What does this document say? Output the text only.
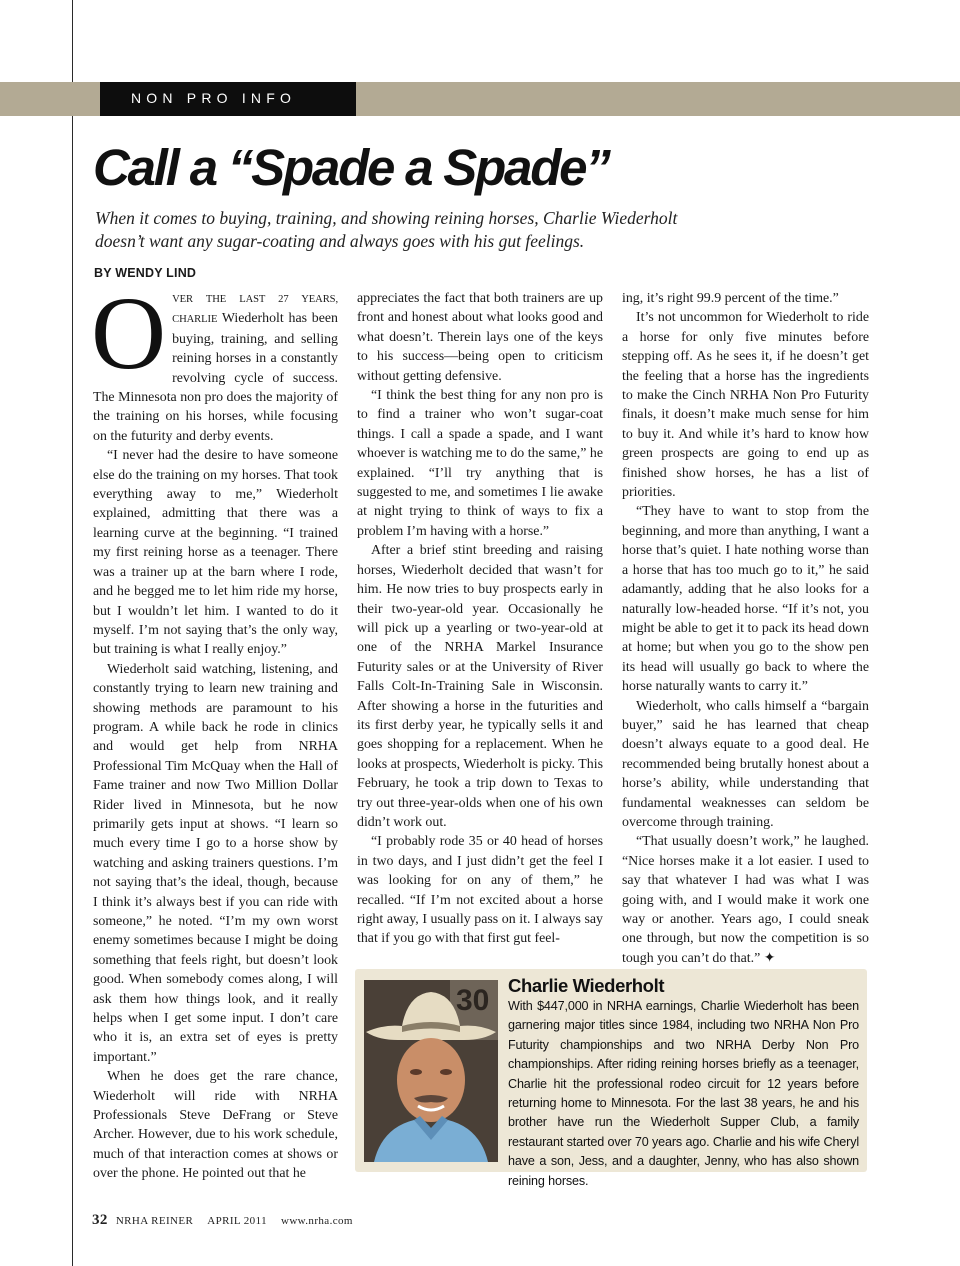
NON PRO INFO
Call a “Spade a Spade”

When it comes to buying, training, and showing reining horses, Charlie Wiederholt doesn’t want any sugar-coating and always goes with his gut feelings.

BY WENDY LIND

OVER THE LAST 27 YEARS, CHARLIE Wiederholt has been buying, training, and selling reining horses in a constantly revolving cycle of success. The Minnesota non pro does the majority of the training on his horses, while focusing on the futurity and derby events.

“I never had the desire to have someone else do the training on my horses. That took everything away to me,” Wiederholt explained, admitting that there was a learning curve at the beginning. “I trained my first reining horse as a teenager. There was a trainer up at the barn where I rode, and he begged me to let him ride my horse, but I wouldn’t let him. I wanted to do it myself. I’m not saying that’s the only way, but training is what I really enjoy.”

Wiederholt said watching, listening, and constantly trying to learn new training and showing methods are paramount to his program. A while back he rode in clinics and would get help from NRHA Professional Tim McQuay when the Hall of Fame trainer and now Two Million Dollar Rider lived in Minnesota, but he now primarily gets input at shows. “I learn so much every time I go to a horse show by watching and asking trainers questions. I’m not saying that’s the ideal, though, because I think it’s always best if you can ride with someone,” he noted. “I’m my own worst enemy sometimes because I might be doing something that feels right, but doesn’t look good. When somebody comes along, I will ask them how things look, and it really helps when I get some input. I don’t care who it is, an extra set of eyes is pretty important.”

When he does get the rare chance, Wiederholt will ride with NRHA Professionals Steve DeFrang or Steve Archer. However, due to his work schedule, much of that interaction comes at shows or over the phone. He pointed out that he

appreciates the fact that both trainers are up front and honest about what looks good and what doesn’t. Therein lays one of the keys to his success—being open to criticism without getting defensive.

“I think the best thing for any non pro is to find a trainer who won’t sugar-coat things. I call a spade a spade, and I want whoever is watching me to do the same,” he explained. “I’ll try anything that is suggested to me, and sometimes I lie awake at night trying to think of ways to fix a problem I’m having with a horse.”

After a brief stint breeding and raising horses, Wiederholt decided that wasn’t for him. He now tries to buy prospects early in their two-year-old year. Occasionally he will pick up a yearling or two-year-old at one of the NRHA Markel Insurance Futurity sales or at the University of River Falls Colt-In-Training Sale in Wisconsin. After showing a horse in the futurities and its first derby year, he typically sells it and goes shopping for a replacement. When he looks at prospects, Wiederholt is picky. This February, he took a trip down to Texas to try out three-year-olds when one of his own didn’t work out.

“I probably rode 35 or 40 head of horses in two days, and I just didn’t get the feel I was looking for on any of them,” he recalled. “If I’m not excited about a horse right away, I usually pass on it. I always say that if you go with that first gut feel-

ing, it’s right 99.9 percent of the time.”

It’s not uncommon for Wiederholt to ride a horse for only five minutes before stepping off. As he sees it, if he doesn’t get the feeling that a horse has the ingredients to make the Cinch NRHA Non Pro Futurity finals, it doesn’t make much sense for him to buy it. And while it’s hard to know how green prospects are going to end up as finished show horses, he has a list of priorities.

“They have to want to stop from the beginning, and more than anything, I want a horse that’s quiet. I hate nothing worse than a horse that has too much go to it,” he said adamantly, adding that he also looks for a naturally low-headed horse. “If it’s not, you might be able to get it to pack its head down at home; but when you go to the show pen its head will usually go back to where the horse naturally wants to carry it.”

Wiederholt, who calls himself a “bargain buyer,” said he has learned that cheap doesn’t always equate to a good deal. He recommended being brutally honest about a horse’s ability, while understanding that fundamental weaknesses can seldom be overcome through training.

“That usually doesn’t work,” he laughed. “Nice horses make it a lot easier. I used to say that whatever I had was what I was going with, and I would make it work one way or another. Years ago, I could sneak one through, but now the competition is so tough you can’t do that.” ✦

30 Charlie Wiederholt

With $447,000 in NRHA earnings, Charlie Wiederholt has been garnering major titles since 1984, including two NRHA Non Pro Futurity championships and two NRHA Derby Non Pro championships. After riding reining horses briefly as a teenager, Charlie hit the professional rodeo circuit for 12 years before returning home to Minnesota. For the last 38 years, he and his brother have run the Wiederholt Supper Club, a family restaurant started over 70 years ago. Charlie and his wife Cheryl have a son, Jess, and a daughter, Jenny, who has also shown reining horses.

32 NRHA REINER APRIL 2011 www.nrha.com
